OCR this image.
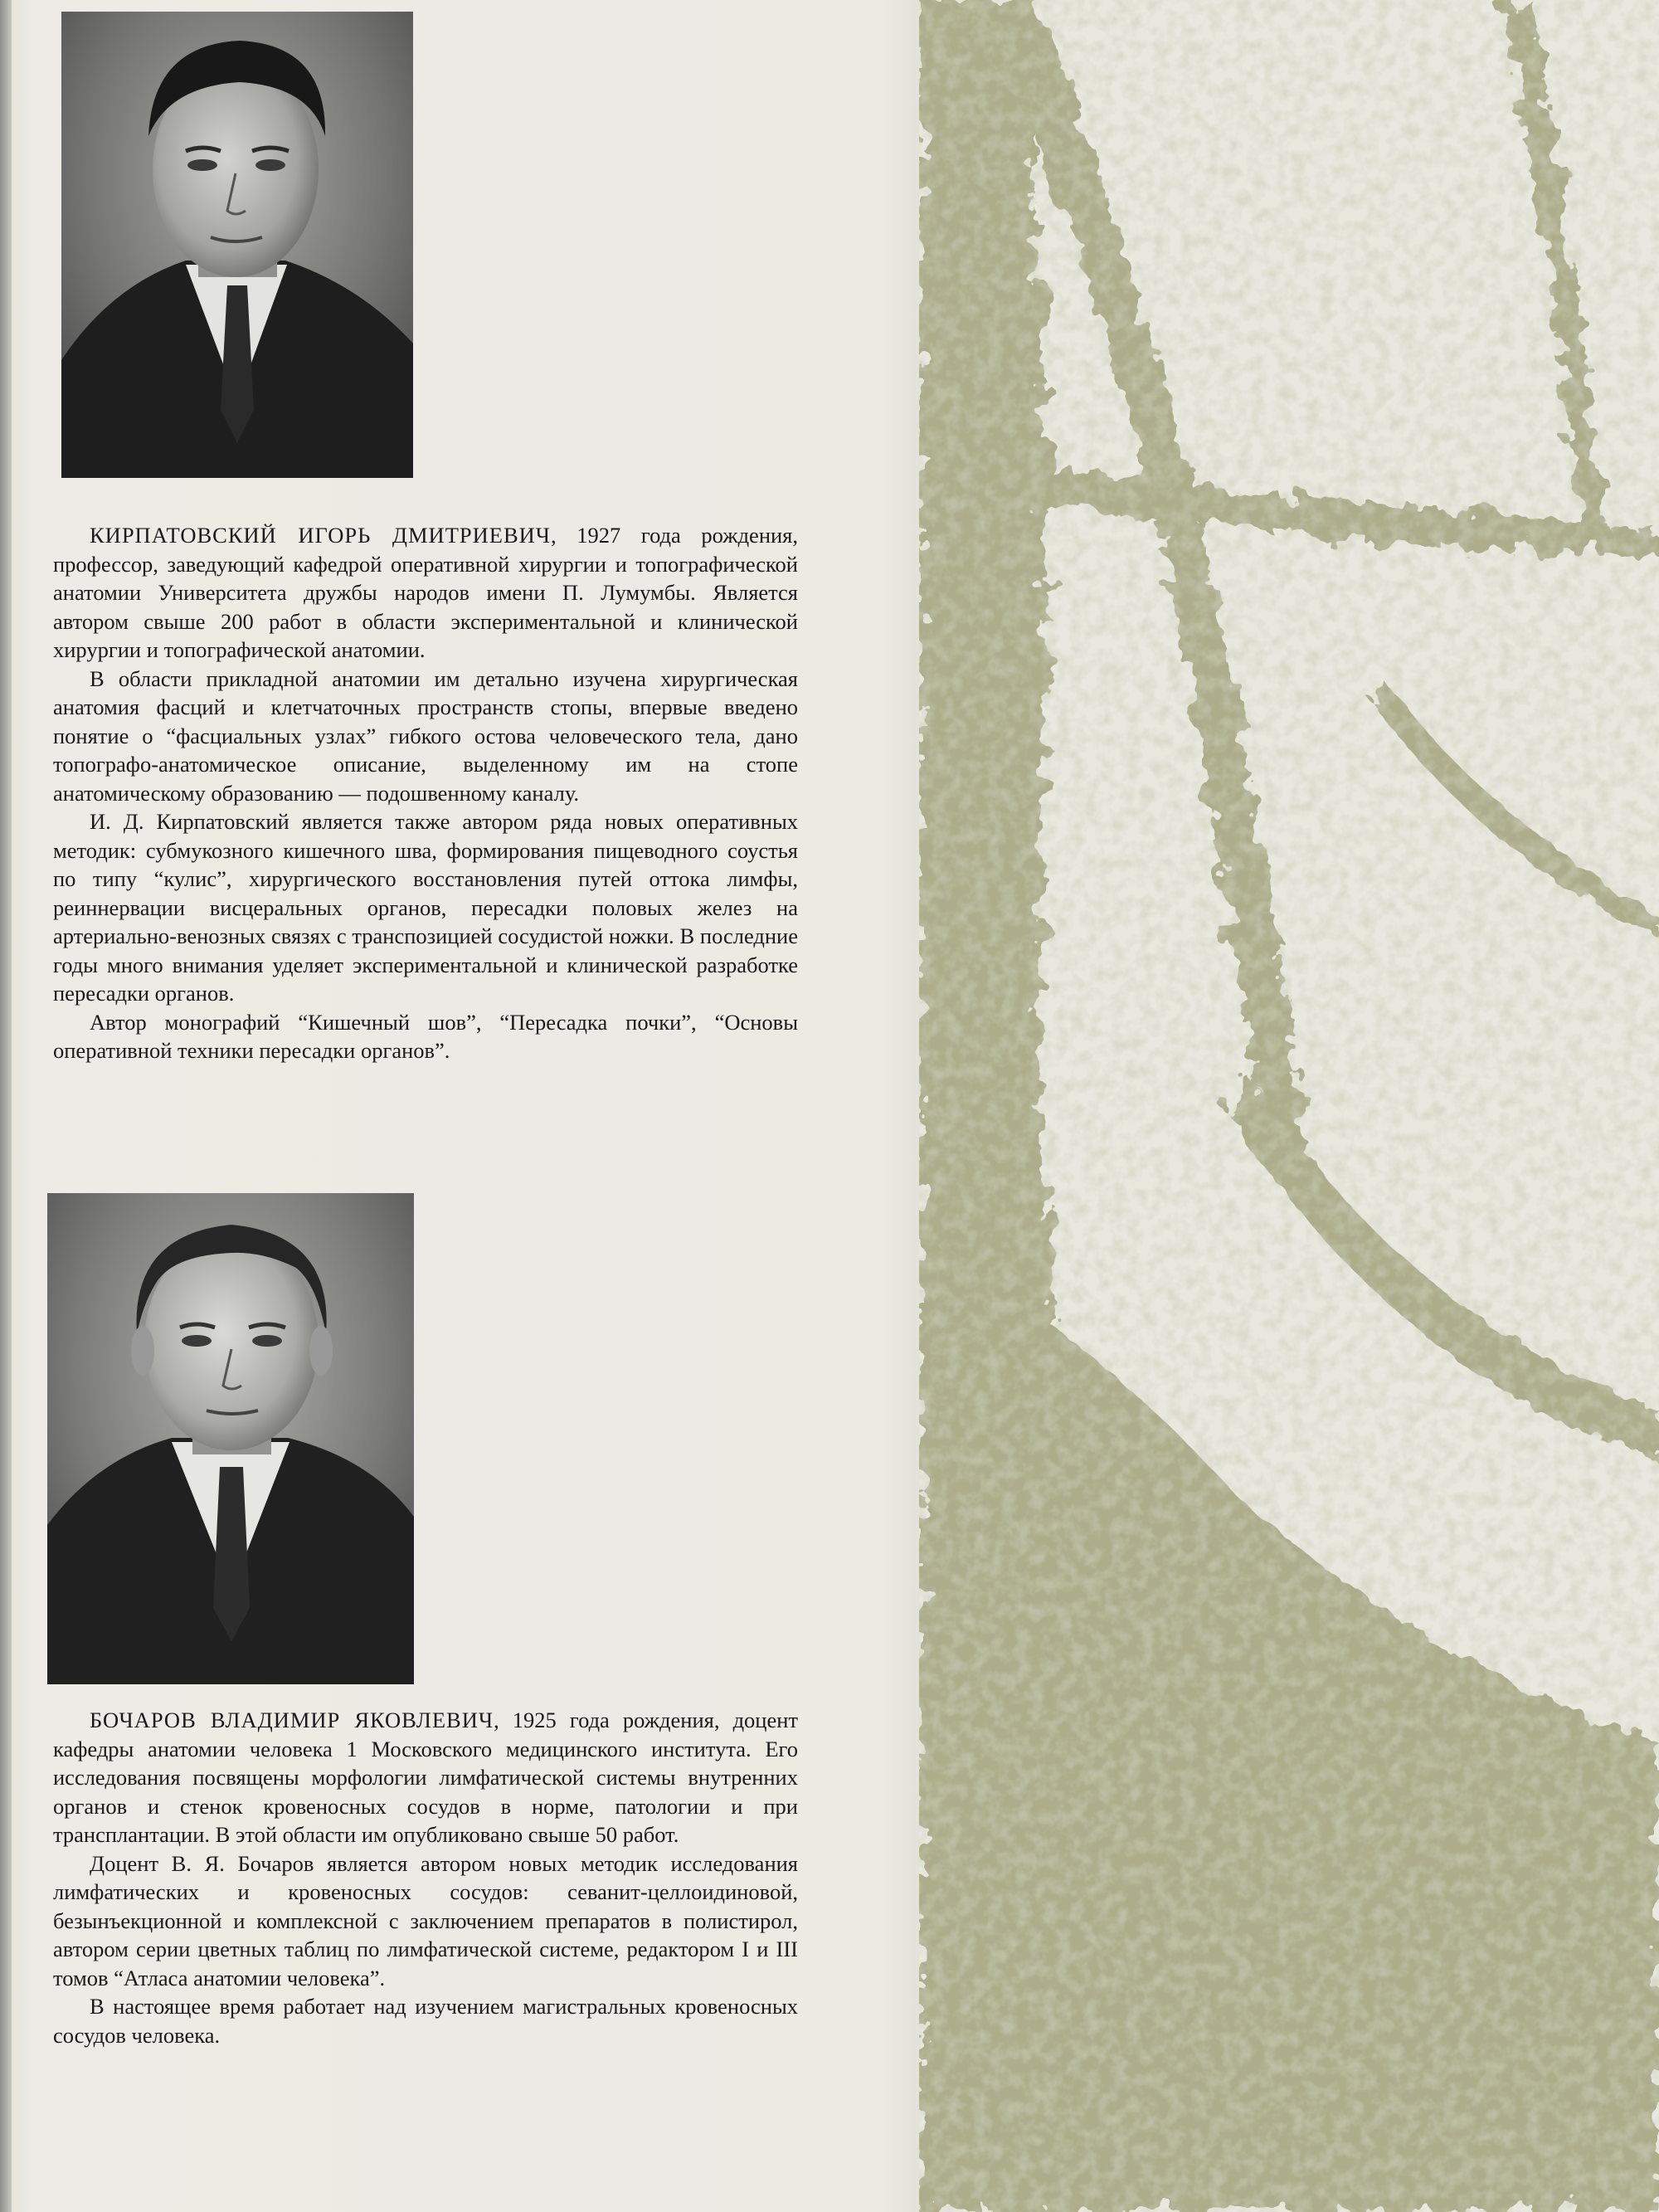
КИРПАТОВСКИЙ ИГОРЬ ДМИТРИЕВИЧ, 1927 года рождения, профессор, заведующий кафедрой оперативной хирургии и топографической анатомии Университета дружбы народов имени П. Лумумбы. Является автором свыше 200 работ в области экспериментальной и клинической хирургии и топографической анатомии.

В области прикладной анатомии им детально изучена хирургическая анатомия фасций и клетчаточных пространств стопы, впервые введено понятие о “фасциальных узлах” гибкого остова человеческого тела, дано топографо-анатомическое описание, выделенному им на стопе анатомическому образованию — подошвенному каналу.

И. Д. Кирпатовский является также автором ряда новых оперативных методик: субмукозного кишечного шва, формирования пищеводного соустья по типу “кулис”, хирургического восстановления путей оттока лимфы, реиннервации висцеральных органов, пересадки половых желез на артериально-венозных связях с транспозицией сосудистой ножки. В последние годы много внимания уделяет экспериментальной и клинической разработке пересадки органов.

Автор монографий “Кишечный шов”, “Пересадка почки”, “Основы оперативной техники пересадки органов”.

БОЧАРОВ ВЛАДИМИР ЯКОВЛЕВИЧ, 1925 года рождения, доцент кафедры анатомии человека 1 Московского медицинского института. Его исследования посвящены морфологии лимфатической системы внутренних органов и стенок кровеносных сосудов в норме, патологии и при трансплантации. В этой области им опубликовано свыше 50 работ.

Доцент В. Я. Бочаров является автором новых методик исследования лимфатических и кровеносных сосудов: севанит-целлоидиновой, безынъекционной и комплексной с заключением препаратов в полистирол, автором серии цветных таблиц по лимфатической системе, редактором I и III томов “Атласа анатомии человека”.

В настоящее время работает над изучением магистральных кровеносных сосудов человека.
